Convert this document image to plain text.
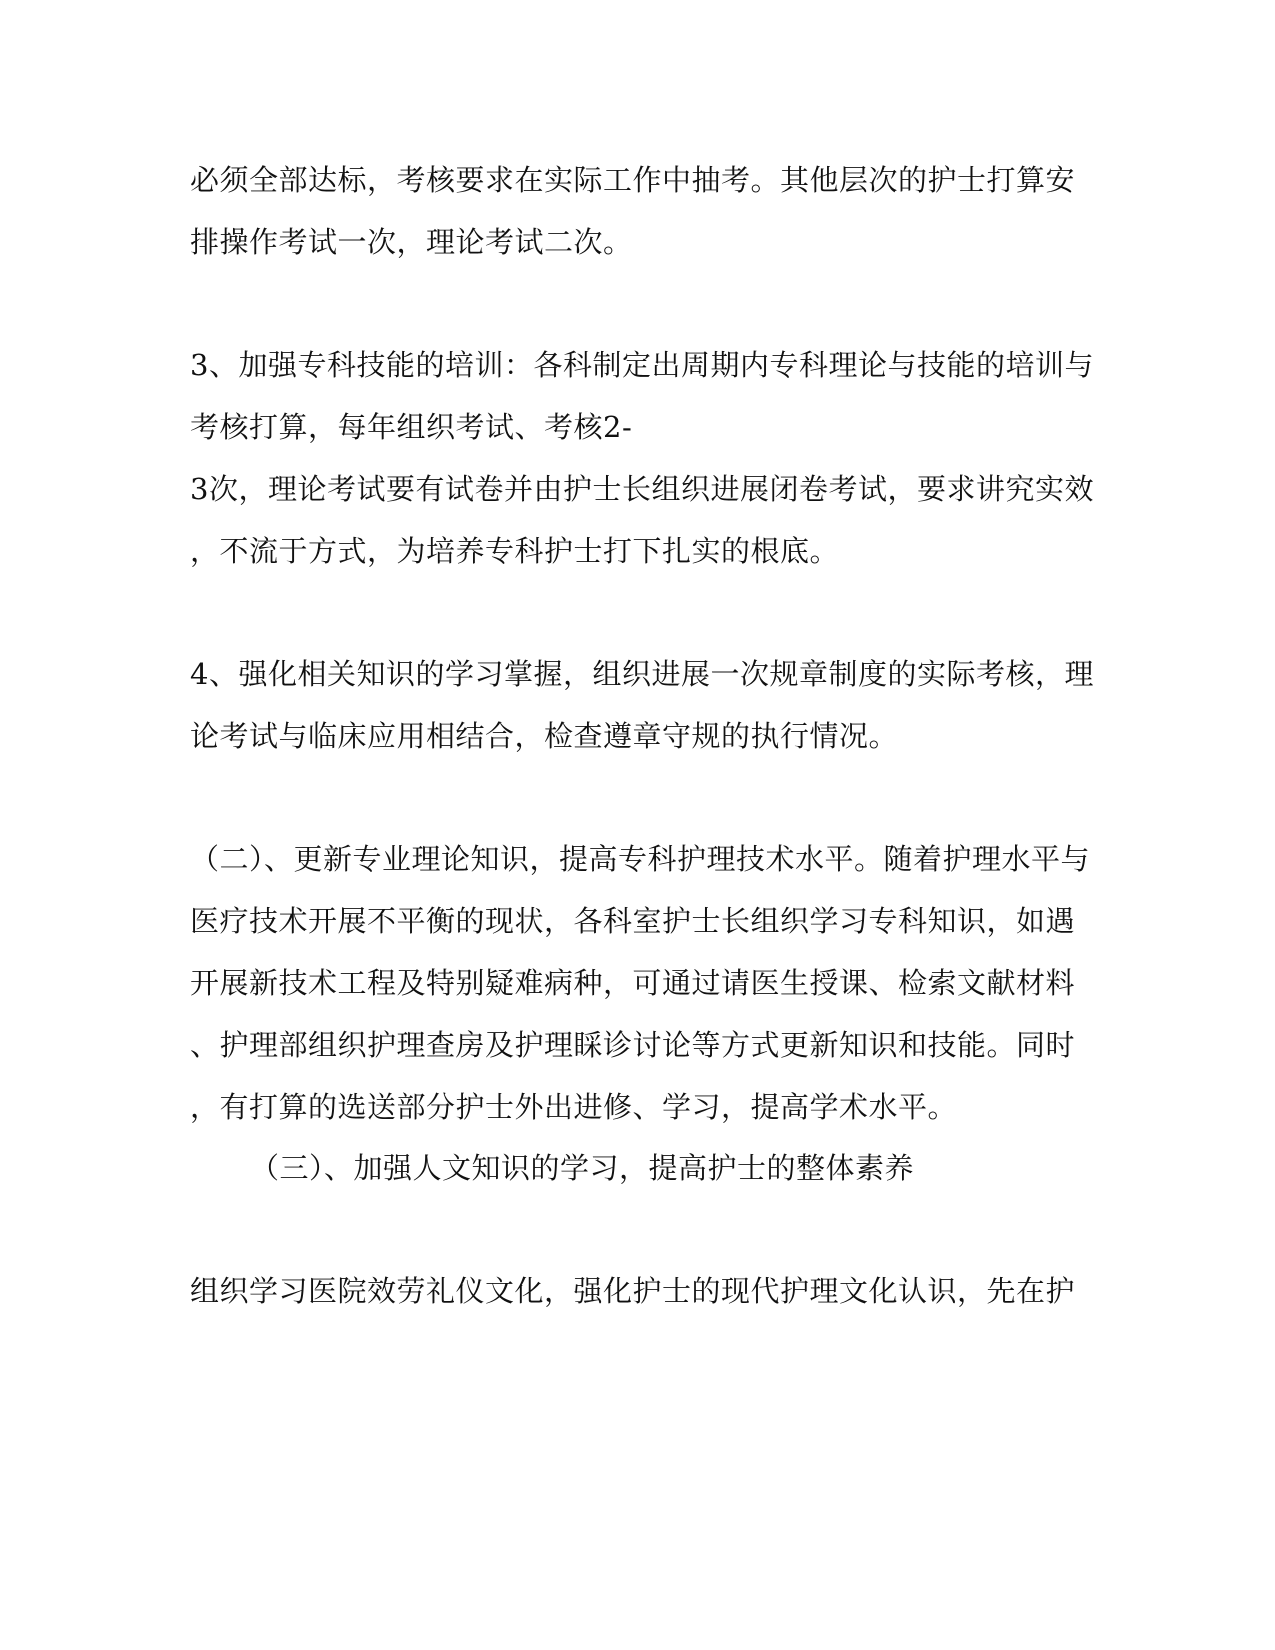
必须全部达标，考核要求在实际工作中抽考。其他层次的护士打算安
排操作考试一次，理论考试二次。
3、加强专科技能的培训：各科制定出周期内专科理论与技能的培训与
考核打算，每年组织考试、考核2-
3次，理论考试要有试卷并由护士长组织进展闭卷考试，要求讲究实效
，不流于方式，为培养专科护士打下扎实的根底。
4、强化相关知识的学习掌握，组织进展一次规章制度的实际考核，理
论考试与临床应用相结合，检查遵章守规的执行情况。
（二）、更新专业理论知识，提高专科护理技术水平。随着护理水平与
医疗技术开展不平衡的现状，各科室护士长组织学习专科知识，如遇
开展新技术工程及特别疑难病种，可通过请医生授课、检索文献材料
、护理部组织护理查房及护理睬诊讨论等方式更新知识和技能。同时
，有打算的选送部分护士外出进修、学习，提高学术水平。
（三）、加强人文知识的学习，提高护士的整体素养
组织学习医院效劳礼仪文化，强化护士的现代护理文化认识，先在护
